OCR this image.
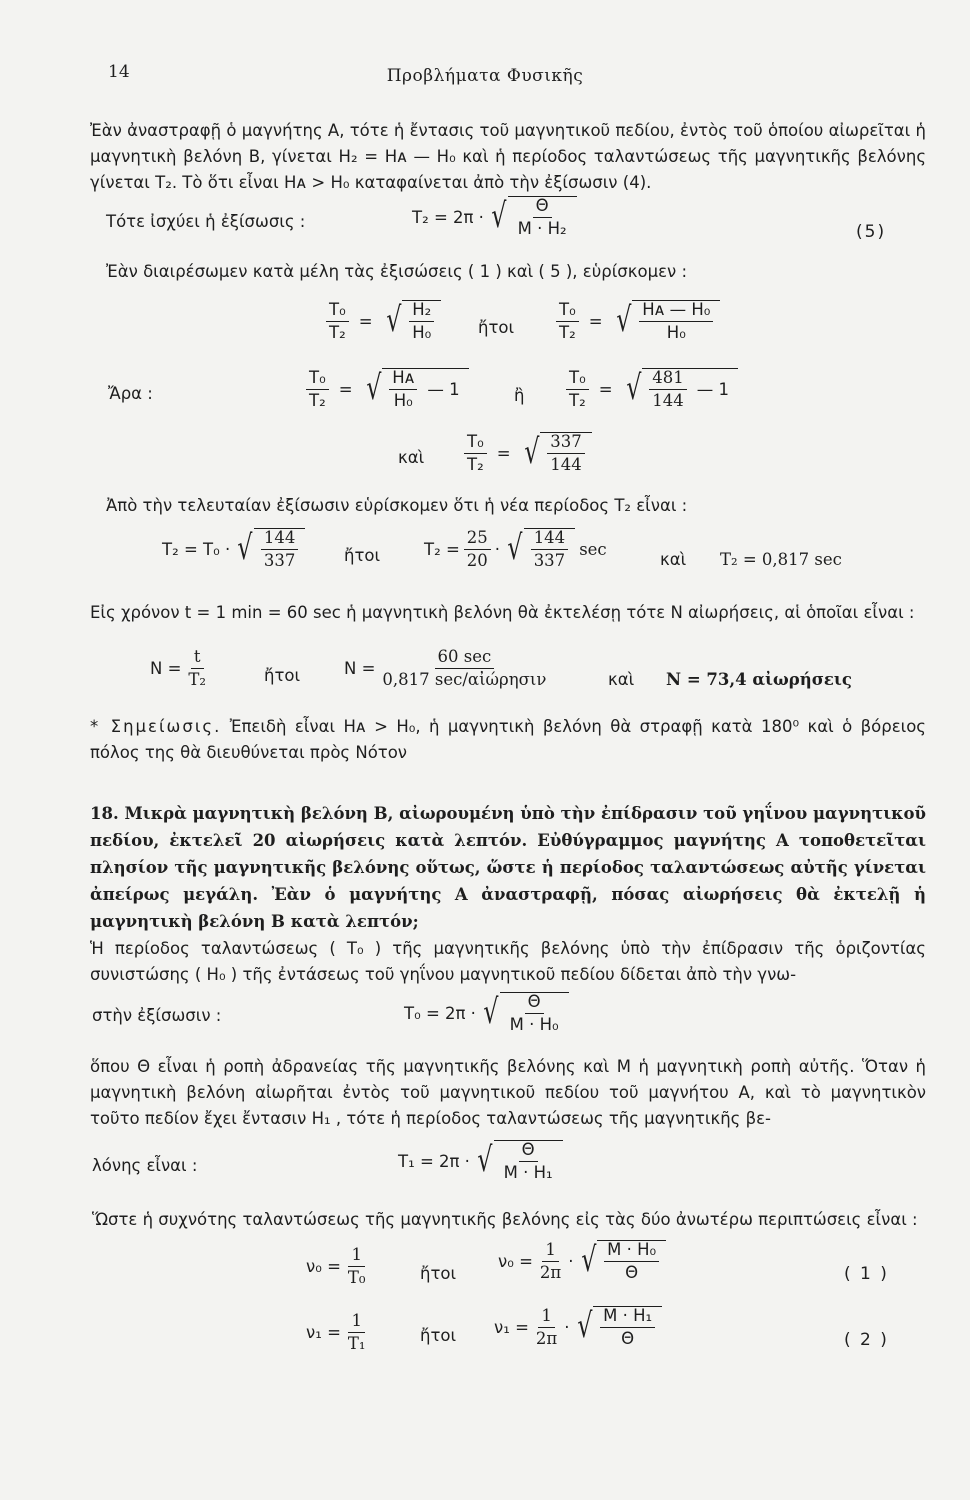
14	Προβλήματα Φυσικῆς
Ἐὰν ἀναστραφῇ ὁ μαγνήτης Α, τότε ἡ ἔντασις τοῦ μαγνητικοῦ πεδίου, ἐντὸς τοῦ ὁποίου αἰωρεῖται ἡ μαγνητικὴ βελόνη Β, γίνεται H₂ = Hᴀ — H₀ καὶ ἡ περίοδος ταλαντώσεως τῆς μαγνητικῆς βελόνης γίνεται T₂. Τὸ ὅτι εἶναι Hᴀ > H₀ καταφαίνεται ἀπὸ τὴν ἐξίσωσιν (4).
Τότε ἰσχύει ἡ ἐξίσωσις :	T₂ = 2π · √ $\frac{\Theta}{\text{M · H₂}}$	(5)
Ἐὰν διαιρέσωμεν κατὰ μέλη τὰς ἐξισώσεις ( 1 ) καὶ ( 5 ), εὑρίσκομεν :
$\frac{\text{T₀}}{\text{T₂}}$ = √ $\frac{\text{H₂}}{\text{H₀}}$	ἤτοι	$\frac{\text{T₀}}{\text{T₂}}$ = √ $\frac{\text{Hᴀ — H₀}}{\text{H₀}}$
Ἄρα :	$\frac{\text{T₀}}{\text{T₂}}$ = √ $\frac{\text{Hᴀ}}{\text{H₀}}$ — 1	ἢ	$\frac{\text{T₀}}{\text{T₂}}$ = √ $\frac{481}{144}$ — 1
καὶ $\frac{\text{T₀}}{\text{T₂}}$ = √ $\frac{337}{144}$
Ἀπὸ τὴν τελευταίαν ἐξίσωσιν εὑρίσκομεν ὅτι ἡ νέα περίοδος T₂ εἶναι :
T₂ = T₀ · √ $\frac{144}{337}$	ἤτοι	$T_2 = \frac{25}{20}$ · √ $\frac{144}{337}$ sec
καὶ T₂ = 0,817 sec
Εἰς χρόνον t = 1 min = 60 sec ἡ μαγνητικὴ βελόνη θὰ ἐκτελέσῃ τότε N αἰωρήσεις, αἱ ὁποῖαι εἶναι :
$N = \frac{t}{\text{T₂}}$	ἤτοι	$N = \frac{60 \sec}{\text{0,817 sec/αἰώρησιν}}$	καὶ N = 73,4 αἰωρήσεις
* Σημείωσις. Ἐπειδὴ εἶναι Hᴀ > H₀, ἡ μαγνητικὴ βελόνη θὰ στραφῇ κατὰ 180⁰ καὶ ὁ βόρειος πόλος της θὰ διευθύνεται πρὸς Νότον
18. Μικρὰ μαγνητικὴ βελόνη Β, αἰωρουμένη ὑπὸ τὴν ἐπίδρασιν τοῦ γηΐνου μαγνητικοῦ πεδίου, ἐκτελεῖ 20 αἰωρήσεις κατὰ λεπτόν. Εὐθύγραμμος μαγνήτης Α τοποθετεῖται πλησίον τῆς μαγνητικῆς βελόνης οὕτως, ὥστε ἡ περίοδος ταλαντώσεως αὐτῆς γίνεται ἀπείρως μεγάλη. Ἐὰν ὁ μαγνήτης Α ἀναστραφῇ, πόσας αἰωρήσεις θὰ ἐκτελῇ ἡ μαγνητικὴ βελόνη Β κατὰ λεπτόν;
Ἡ περίοδος ταλαντώσεως ( T₀ ) τῆς μαγνητικῆς βελόνης ὑπὸ τὴν ἐπίδρασιν τῆς ὁριζοντίας συνιστώσης ( H₀ ) τῆς ἐντάσεως τοῦ γηΐνου μαγνητικοῦ πεδίου δίδεται ἀπὸ τὴν γνω-
στὴν ἐξίσωσιν :	T₀ = 2π · √ $\frac{\Theta}{\text{M · H₀}}$
ὅπου Θ εἶναι ἡ ροπὴ ἀδρανείας τῆς μαγνητικῆς βελόνης καὶ M ἡ μαγνητικὴ ροπὴ αὐτῆς. Ὅταν ἡ μαγνητικὴ βελόνη αἰωρῆται ἐντὸς τοῦ μαγνητικοῦ πεδίου τοῦ μαγνήτου Α, καὶ τὸ μαγνητικὸν τοῦτο πεδίον ἔχει ἔντασιν H₁ , τότε ἡ περίοδος ταλαντώσεως τῆς μαγνητικῆς βε-
λόνης εἶναι :	T₁ = 2π · √ $\frac{\Theta}{\text{M · H₁}}$
Ὥστε ἡ συχνότης ταλαντώσεως τῆς μαγνητικῆς βελόνης εἰς τὰς δύο ἀνωτέρω περιπτώσεις εἶναι :
$\nu_0 = \frac{1}{\text{T₀}}$	ἤτοι
$\nu_0 = \frac{1}{2\pi}$ · √ $\frac{\text{M · H₀}}{\Theta}$	( 1 )
$\nu_1 = \frac{1}{\text{T₁}}$	ἤτοι $\nu_1 = \frac{1}{2\pi}$ · √ $\frac{\text{M · H₁}}{\Theta}$	( 2 )
